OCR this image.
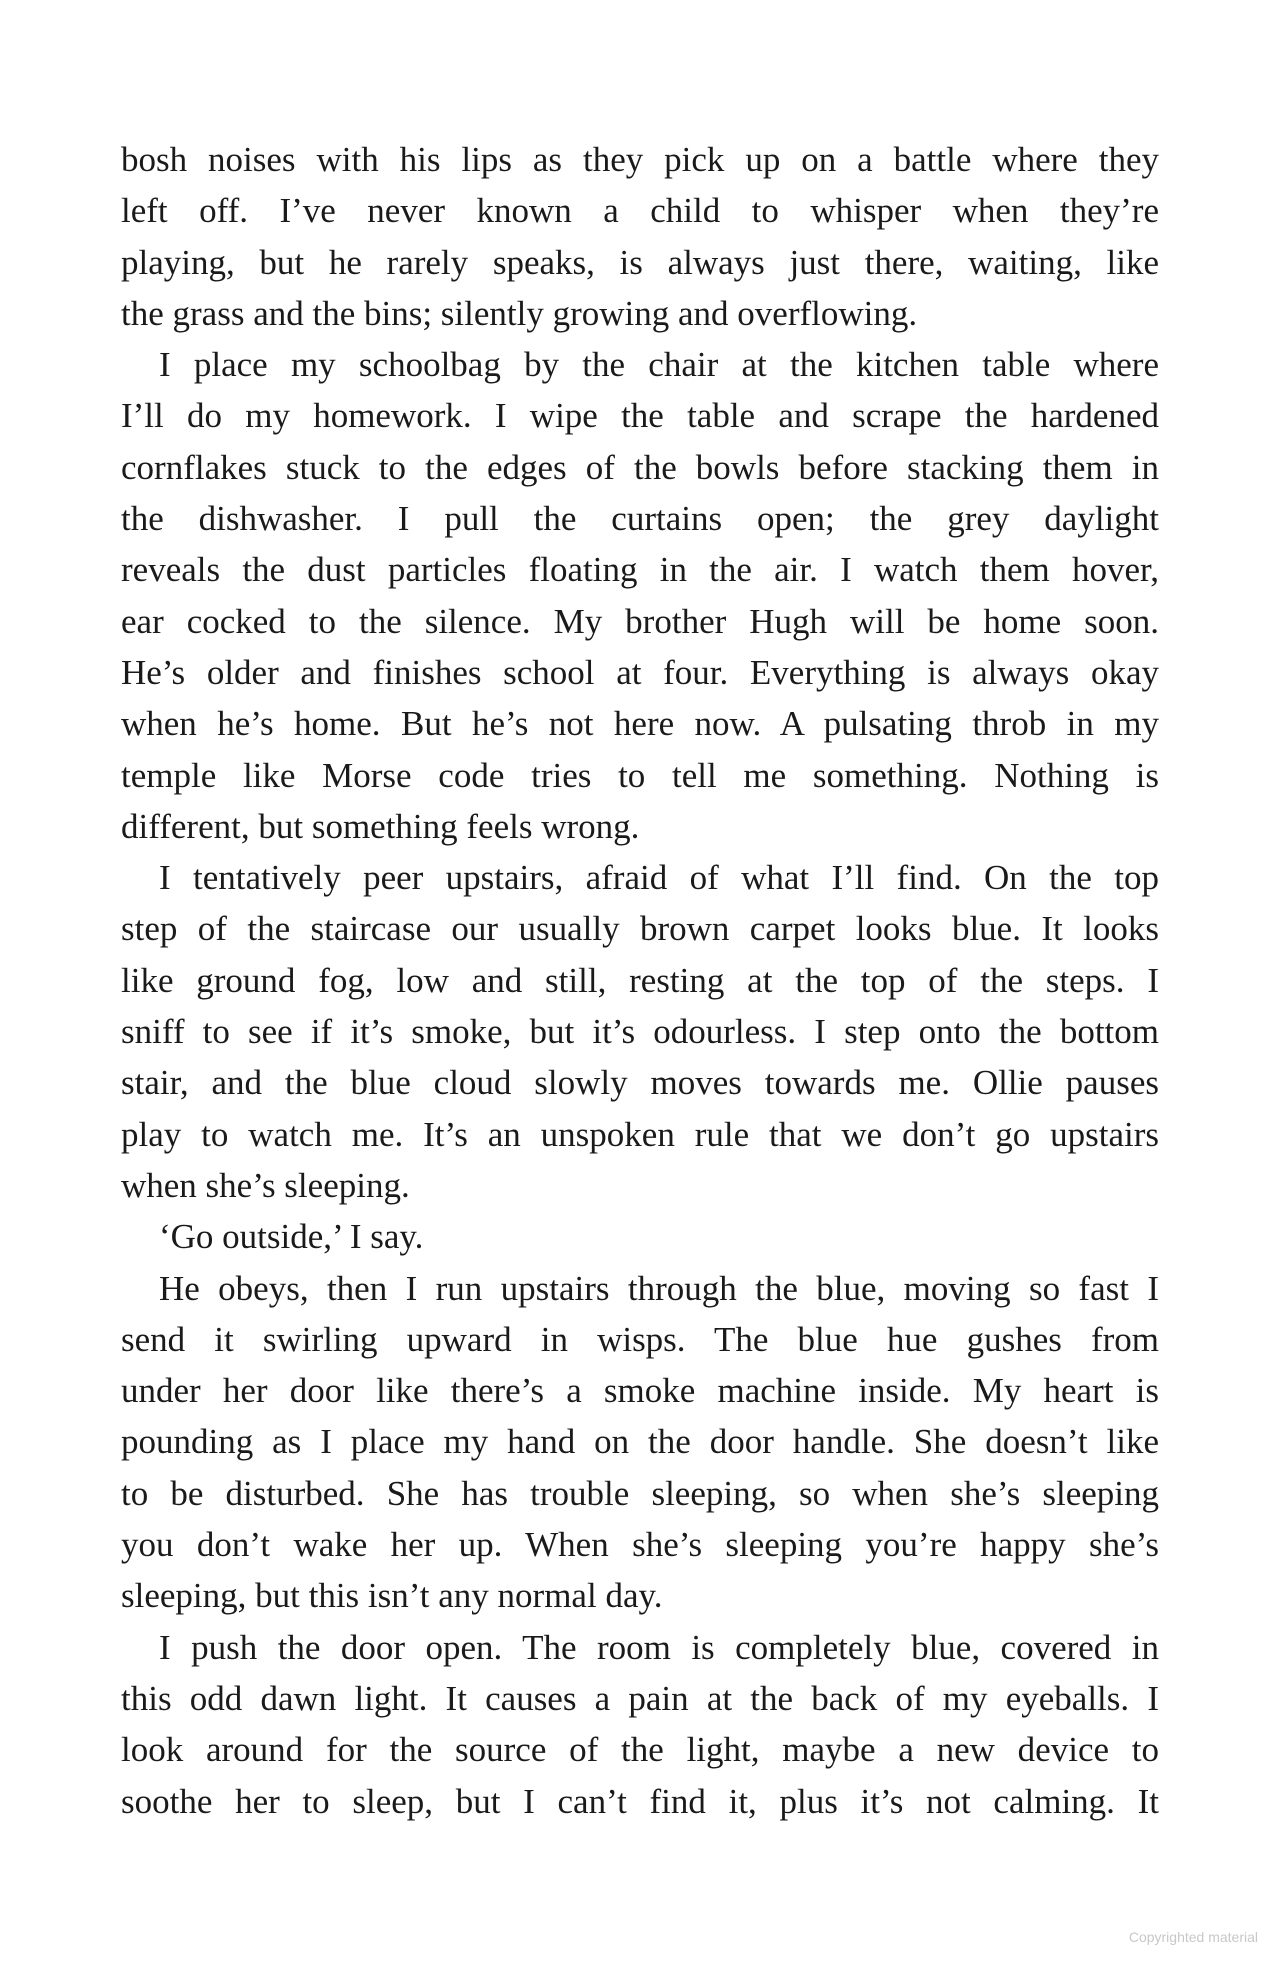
bosh noises with his lips as they pick up on a battle where they
left off. I’ve never known a child to whisper when they’re
playing, but he rarely speaks, is always just there, waiting, like
the grass and the bins; silently growing and overflowing.
I place my schoolbag by the chair at the kitchen table where
I’ll do my homework. I wipe the table and scrape the hardened
cornflakes stuck to the edges of the bowls before stacking them in
the dishwasher. I pull the curtains open; the grey daylight
reveals the dust particles floating in the air. I watch them hover,
ear cocked to the silence. My brother Hugh will be home soon.
He’s older and finishes school at four. Everything is always okay
when he’s home. But he’s not here now. A pulsating throb in my
temple like Morse code tries to tell me something. Nothing is
different, but something feels wrong.
I tentatively peer upstairs, afraid of what I’ll find. On the top
step of the staircase our usually brown carpet looks blue. It looks
like ground fog, low and still, resting at the top of the steps. I
sniff to see if it’s smoke, but it’s odourless. I step onto the bottom
stair, and the blue cloud slowly moves towards me. Ollie pauses
play to watch me. It’s an unspoken rule that we don’t go upstairs
when she’s sleeping.
‘Go outside,’ I say.
He obeys, then I run upstairs through the blue, moving so fast I
send it swirling upward in wisps. The blue hue gushes from
under her door like there’s a smoke machine inside. My heart is
pounding as I place my hand on the door handle. She doesn’t like
to be disturbed. She has trouble sleeping, so when she’s sleeping
you don’t wake her up. When she’s sleeping you’re happy she’s
sleeping, but this isn’t any normal day.
I push the door open. The room is completely blue, covered in
this odd dawn light. It causes a pain at the back of my eyeballs. I
look around for the source of the light, maybe a new device to
soothe her to sleep, but I can’t find it, plus it’s not calming. It
Copyrighted material
